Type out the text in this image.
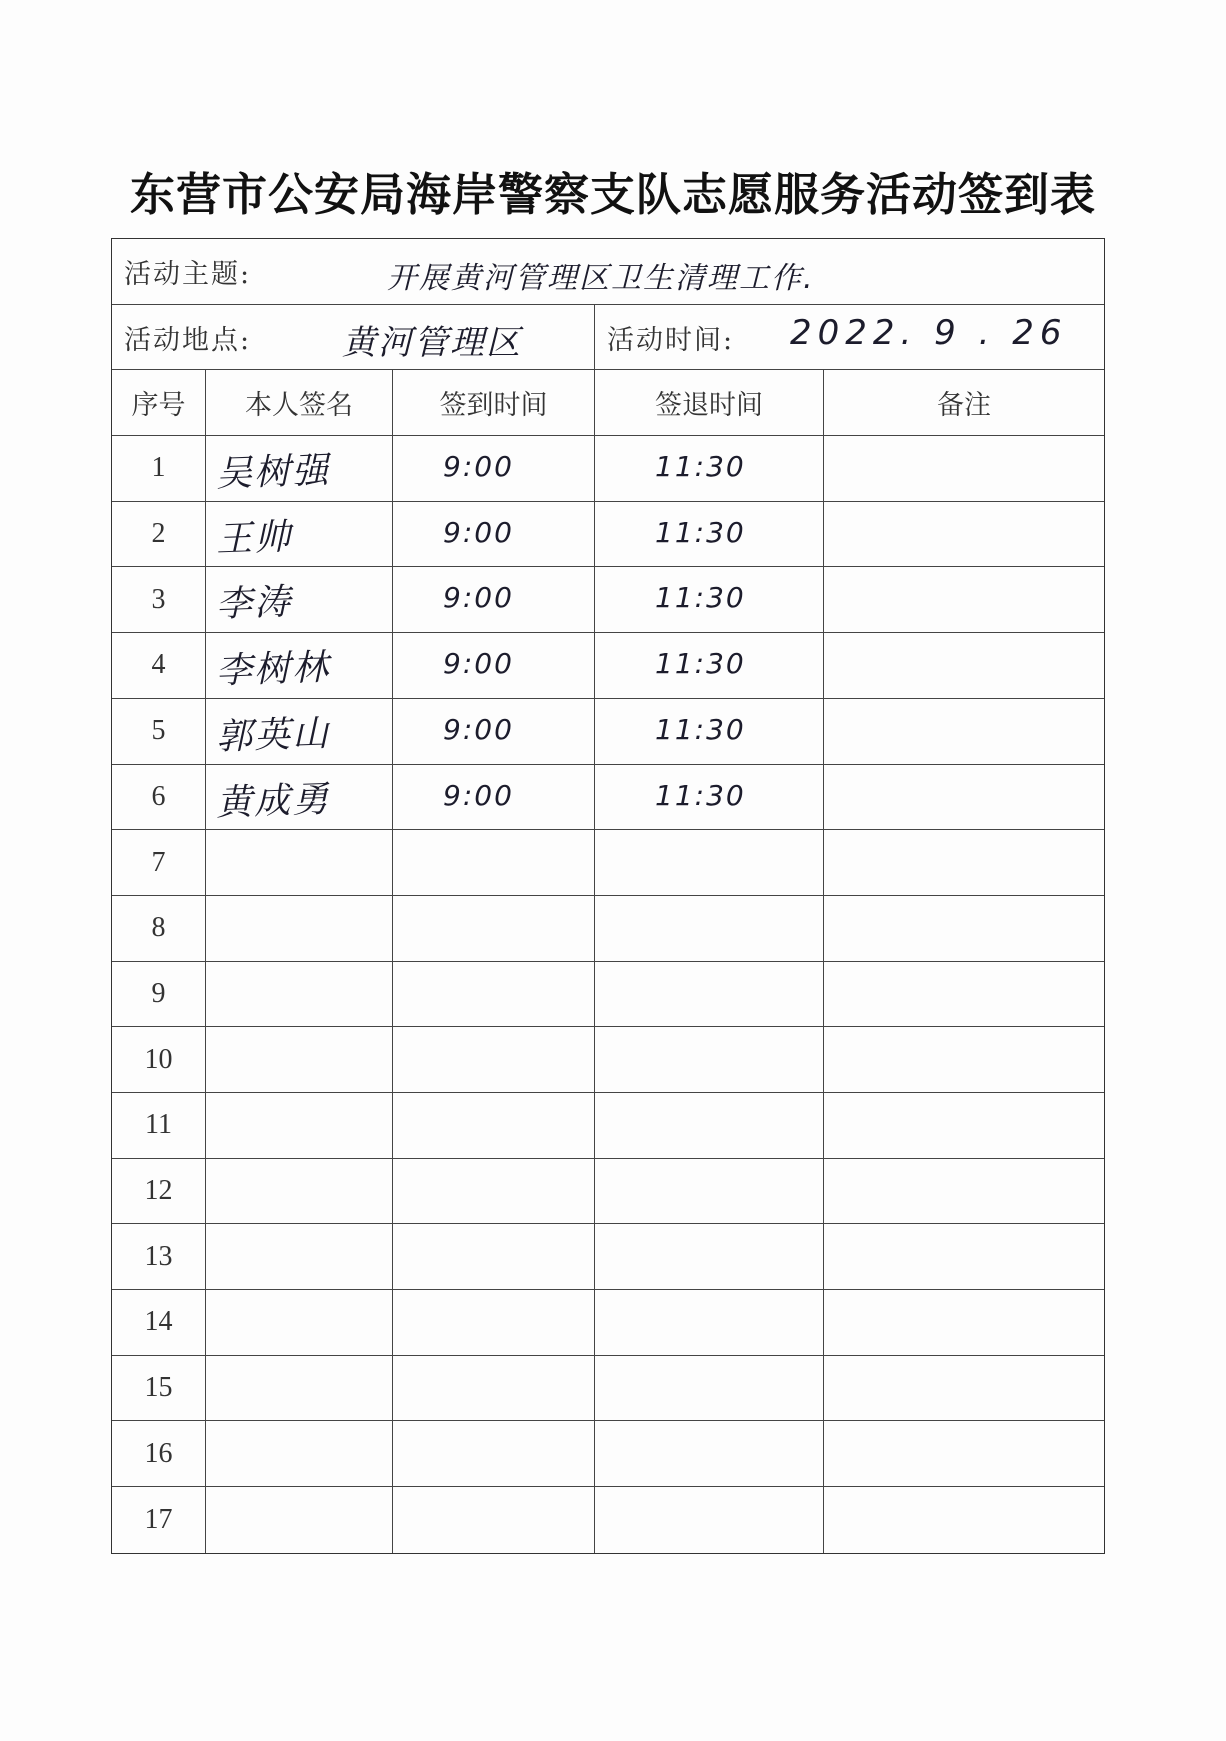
东营市公安局海岸警察支队志愿服务活动签到表
活动主题:	开展黄河管理区卫生清理工作.
活动地点:	黄河管理区	活动时间: 2022. 9 . 26
序号	本人签名	签到时间	签退时间	备注
1	吴树强	9:00	11:30
2	王帅	9:00	11:30
3	李涛	9:00	11:30
4	李树林	9:00	11:30
5	郭英山	9:00	11:30
6	黄成勇	9:00	11:30
7
8
9
10
11
12
13
14
15
16
17
